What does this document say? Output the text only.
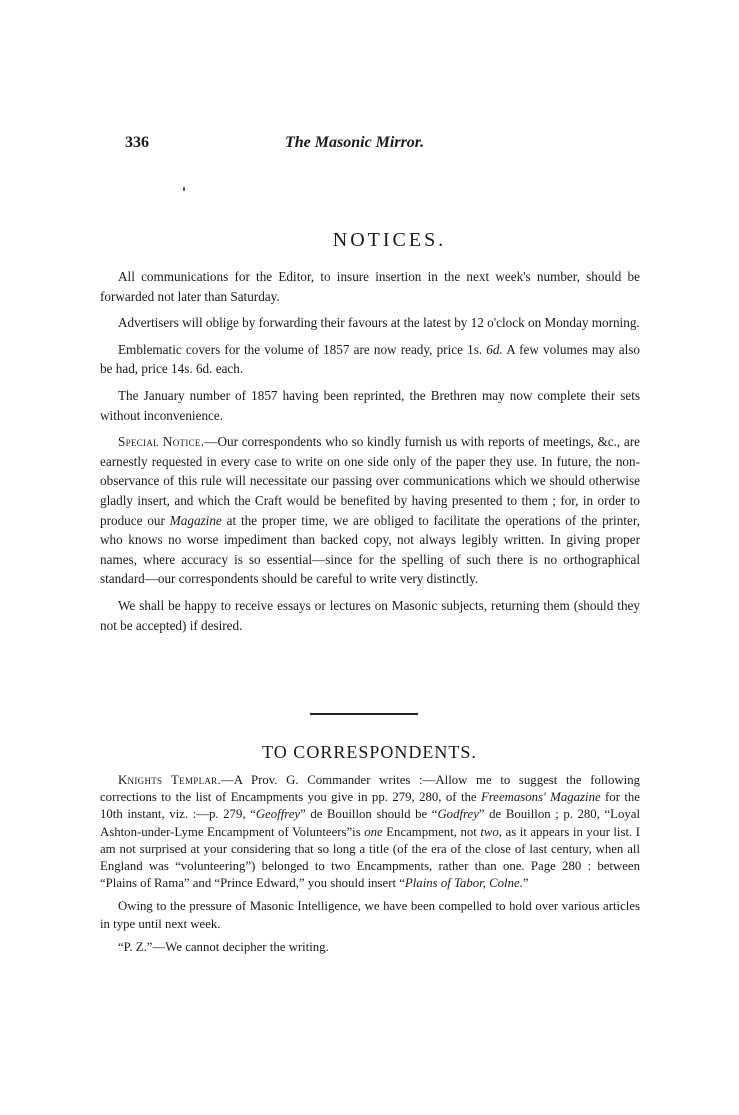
336	The Masonic Mirror.
NOTICES.

All communications for the Editor, to insure insertion in the next week's number, should be forwarded not later than Saturday.

Advertisers will oblige by forwarding their favours at the latest by 12 o'clock on Monday morning.

Emblematic covers for the volume of 1857 are now ready, price 1s. 6d. A few volumes may also be had, price 14s. 6d. each.

The January number of 1857 having been reprinted, the Brethren may now complete their sets without inconvenience.

Special Notice.—Our correspondents who so kindly furnish us with reports of meetings, &c., are earnestly requested in every case to write on one side only of the paper they use. In future, the non-observance of this rule will necessitate our passing over communications which we should otherwise gladly insert, and which the Craft would be benefited by having presented to them ; for, in order to produce our Magazine at the proper time, we are obliged to facilitate the operations of the printer, who knows no worse impediment than backed copy, not always legibly written. In giving proper names, where accuracy is so essential—since for the spelling of such there is no orthographical standard—our correspondents should be careful to write very distinctly.

We shall be happy to receive essays or lectures on Masonic subjects, returning them (should they not be accepted) if desired.

TO CORRESPONDENTS.

Knights Templar.—A Prov. G. Commander writes :—Allow me to suggest the following corrections to the list of Encampments you give in pp. 279, 280, of the Freemasons' Magazine for the 10th instant, viz. :—p. 279, “Geoffrey” de Bouillon should be “Godfrey” de Bouillon ; p. 280, “Loyal Ashton-under-Lyme Encampment of Volunteers”is one Encampment, not two, as it appears in your list. I am not surprised at your considering that so long a title (of the era of the close of last century, when all England was “volunteering”) belonged to two Encampments, rather than one. Page 280 : between “Plains of Rama” and “Prince Edward,” you should insert “Plains of Tabor, Colne.”

Owing to the pressure of Masonic Intelligence, we have been compelled to hold over various articles in type until next week.

“P. Z.”—We cannot decipher the writing.
